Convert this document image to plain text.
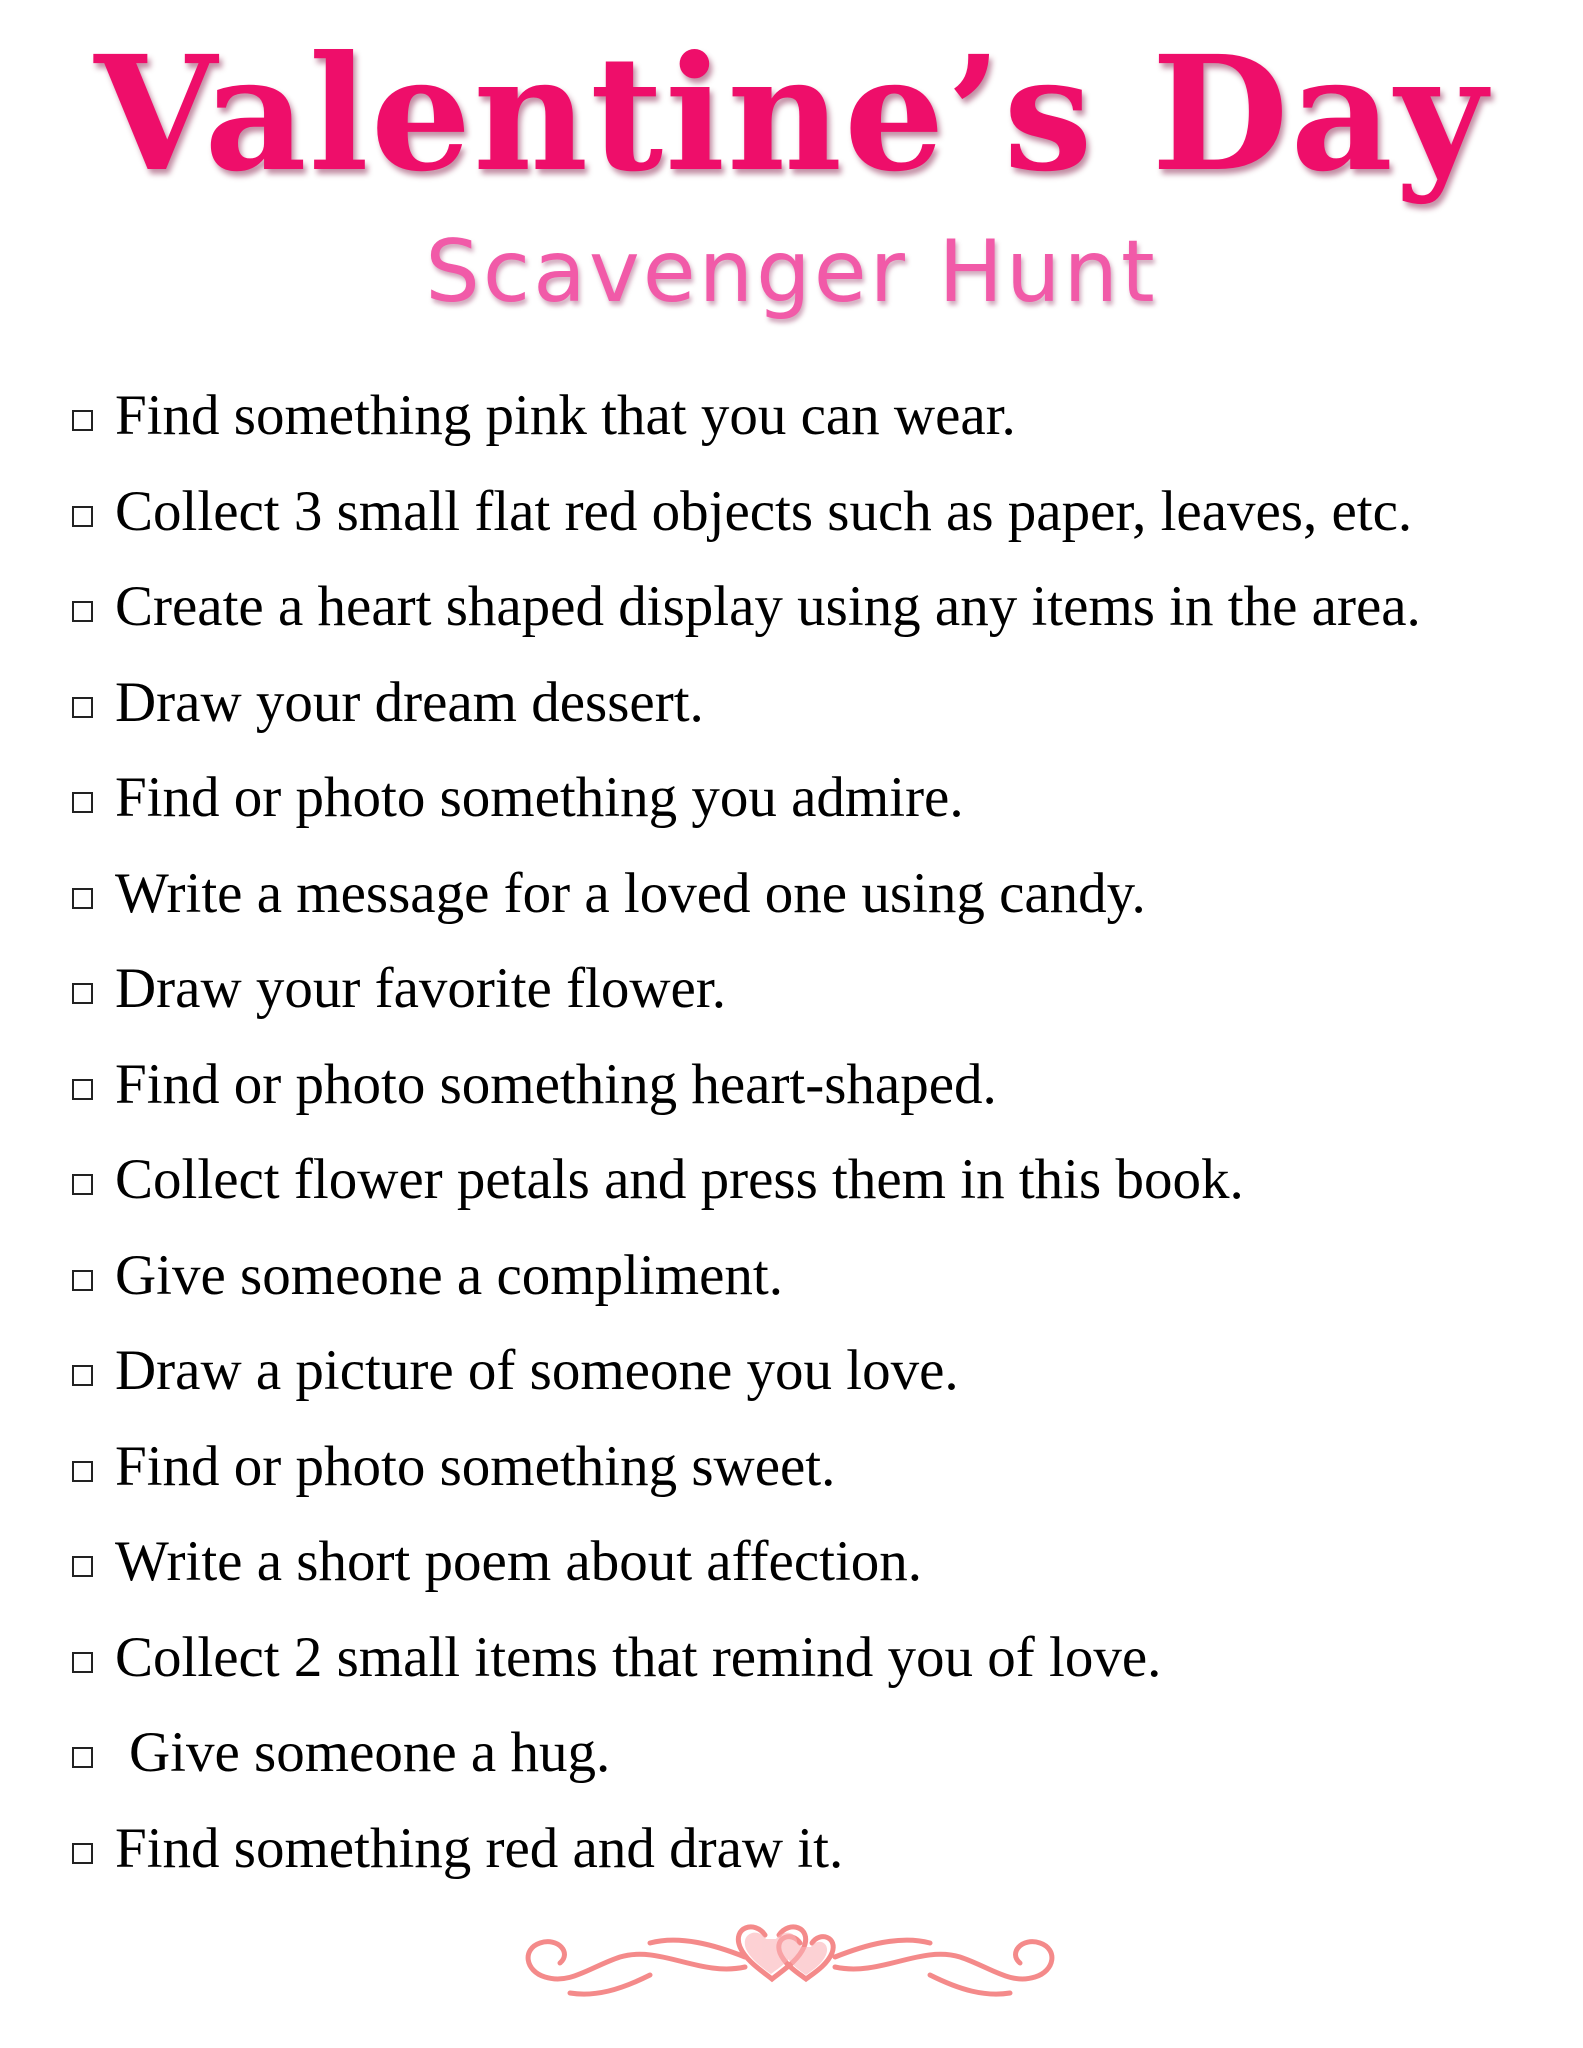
Valentine’s Day
Scavenger Hunt
Find something pink that you can wear.
Collect 3 small flat red objects such as paper, leaves, etc.
Create a heart shaped display using any items in the area.
Draw your dream dessert.
Find or photo something you admire.
Write a message for a loved one using candy.
Draw your favorite flower.
Find or photo something heart-shaped.
Collect flower petals and press them in this book.
Give someone a compliment.
Draw a picture of someone you love.
Find or photo something sweet.
Write a short poem about affection.
Collect 2 small items that remind you of love.
Give someone a hug.
Find something red and draw it.
